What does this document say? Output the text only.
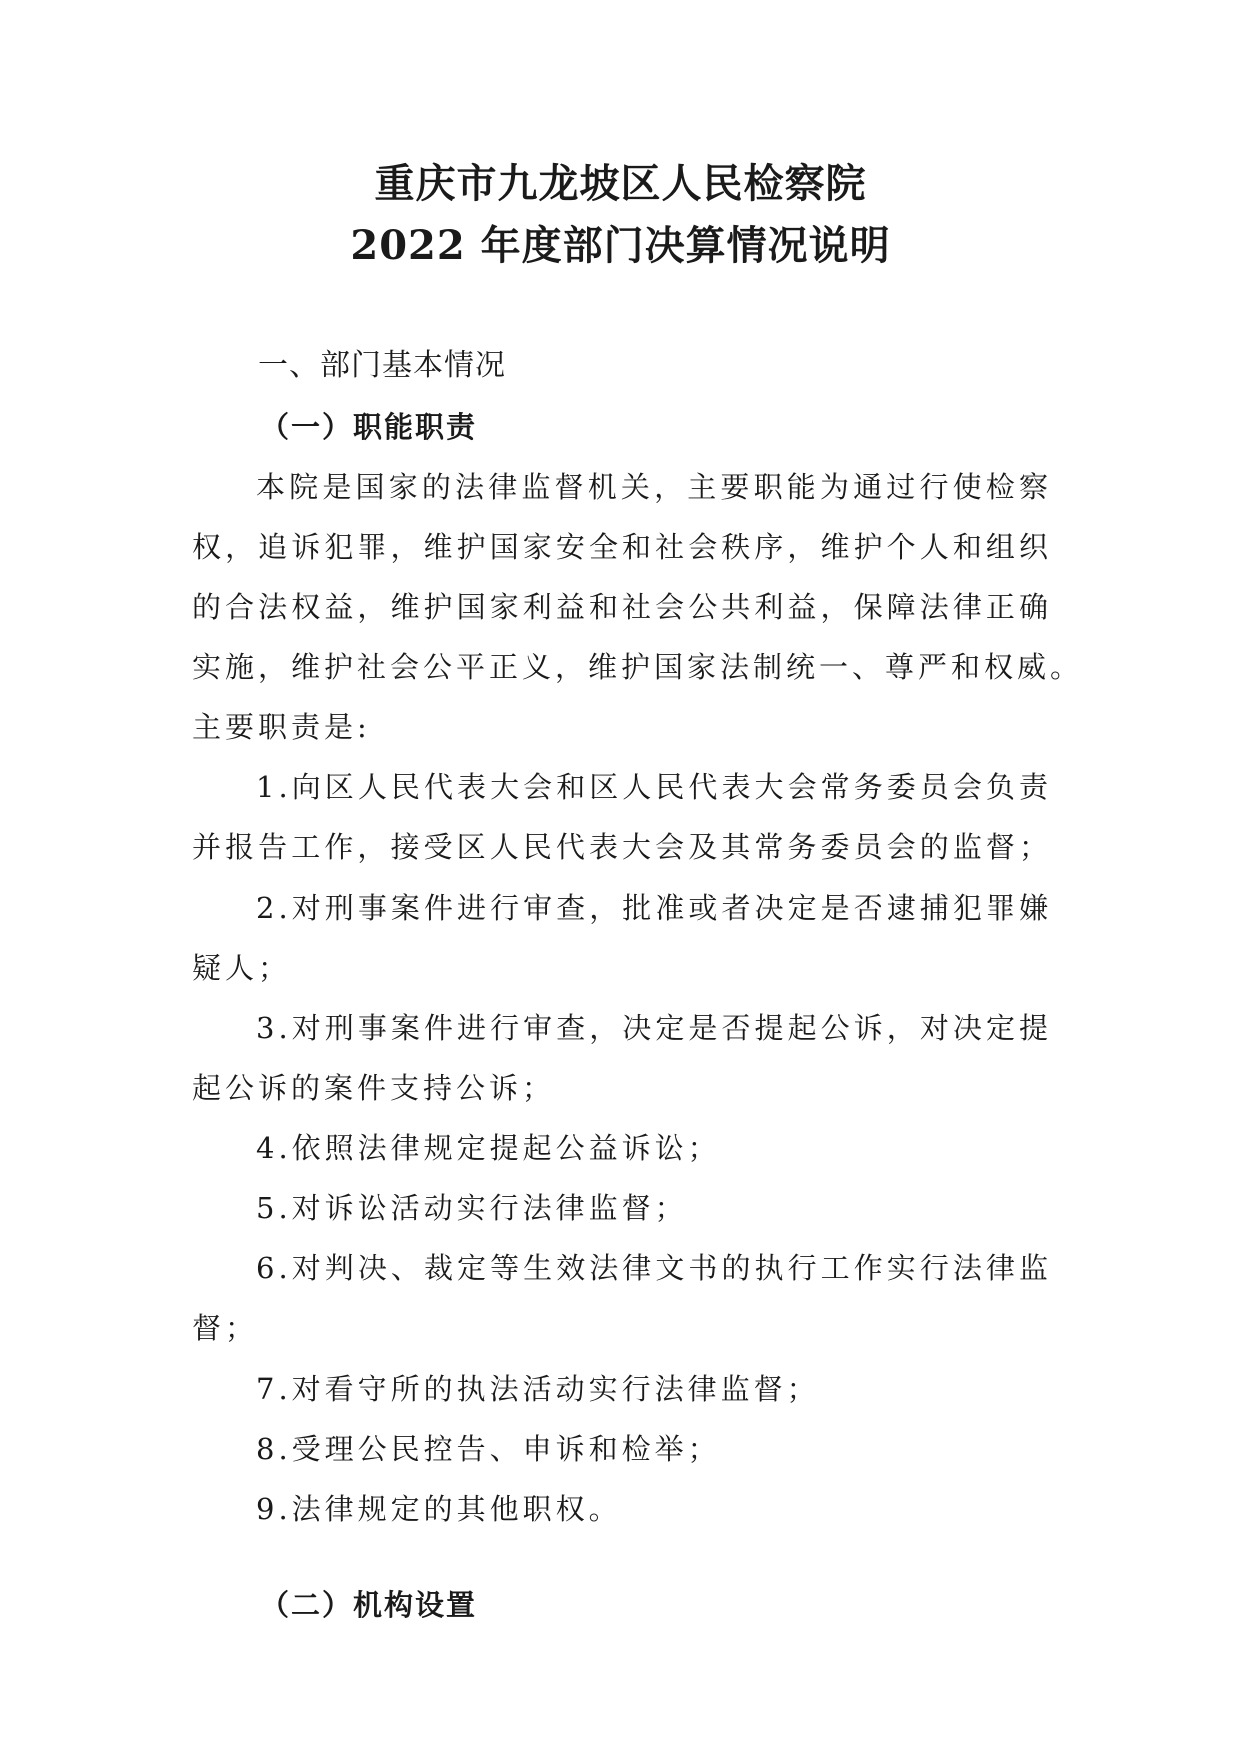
重庆市九龙坡区人民检察院
2022 年度部门决算情况说明
一、部门基本情况
（一）职能职责
本院是国家的法律监督机关，主要职能为通过行使检察
权，追诉犯罪，维护国家安全和社会秩序，维护个人和组织
的合法权益，维护国家利益和社会公共利益，保障法律正确
实施，维护社会公平正义，维护国家法制统一、尊严和权威。
主要职责是:
1.向区人民代表大会和区人民代表大会常务委员会负责
并报告工作，接受区人民代表大会及其常务委员会的监督；
2.对刑事案件进行审查，批准或者决定是否逮捕犯罪嫌
疑人；
3.对刑事案件进行审查，决定是否提起公诉，对决定提
起公诉的案件支持公诉；
4.依照法律规定提起公益诉讼；
5.对诉讼活动实行法律监督；
6.对判决、裁定等生效法律文书的执行工作实行法律监
督；
7.对看守所的执法活动实行法律监督；
8.受理公民控告、申诉和检举；
9.法律规定的其他职权。
（二）机构设置
